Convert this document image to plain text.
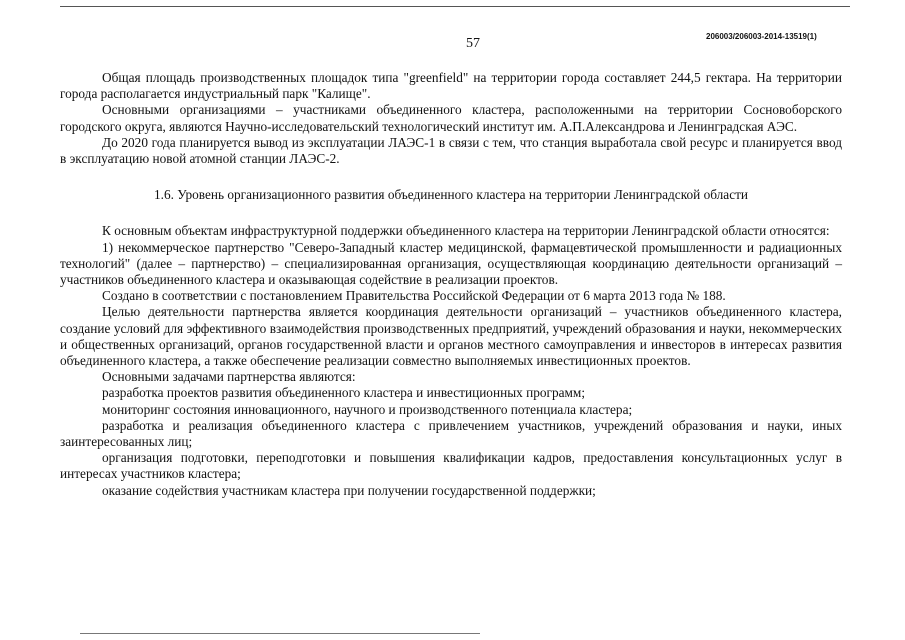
57	206003/206003-2014-13519(1)

Общая площадь производственных площадок типа "greenfield" на территории города составляет 244,5 гектара. На территории города располагается индустриальный парк "Калище".

Основными организациями – участниками объединенного кластера, расположенными на территории Сосновоборского городского округа, являются Научно-исследовательский технологический институт им. А.П.Александрова и Ленинградская АЭС.

До 2020 года планируется вывод из эксплуатации ЛАЭС-1 в связи с тем, что станция выработала свой ресурс и планируется ввод в эксплуатацию новой атомной станции ЛАЭС-2.

1.6. Уровень организационного развития объединенного кластера на территории Ленинградской области

К основным объектам инфраструктурной поддержки объединенного кластера на территории Ленинградской области относятся:

1) некоммерческое партнерство "Северо-Западный кластер медицинской, фармацевтической промышленности и радиационных технологий" (далее – партнерство) – специализированная организация, осуществляющая координацию деятельности организаций – участников объединенного кластера и оказывающая содействие в реализации проектов.

Создано в соответствии с постановлением Правительства Российской Федерации от 6 марта 2013 года № 188.

Целью деятельности партнерства является координация деятельности организаций – участников объединенного кластера, создание условий для эффективного взаимодействия производственных предприятий, учреждений образования и науки, некоммерческих и общественных организаций, органов государственной власти и органов местного самоуправления и инвесторов в интересах развития объединенного кластера, а также обеспечение реализации совместно выполняемых инвестиционных проектов.

Основными задачами партнерства являются:

разработка проектов развития объединенного кластера и инвестиционных программ;

мониторинг состояния инновационного, научного и производственного потенциала кластера;

разработка и реализация объединенного кластера с привлечением участников, учреждений образования и науки, иных заинтересованных лиц;

организация подготовки, переподготовки и повышения квалификации кадров, предоставления консультационных услуг в интересах участников кластера;

оказание содействия участникам кластера при получении государственной поддержки;
